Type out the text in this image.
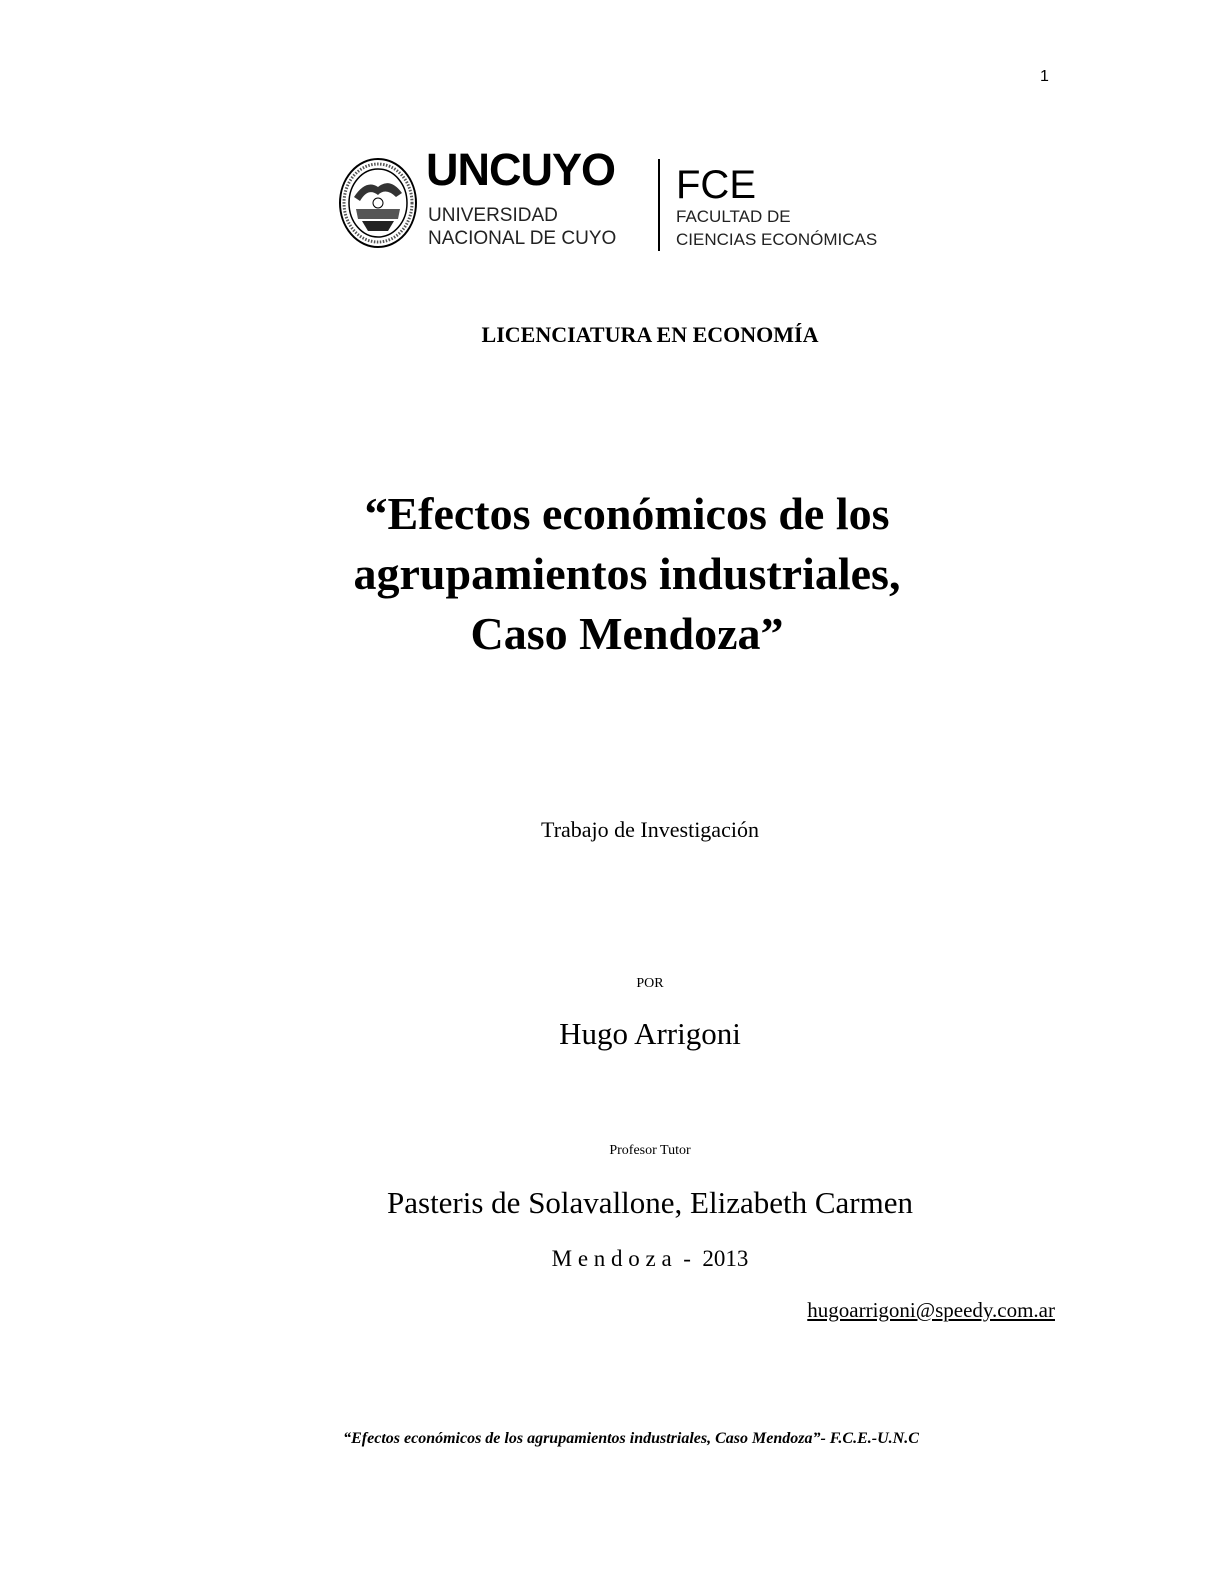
1
UNCUYO
UNIVERSIDAD
NACIONAL DE CUYO
FCE
FACULTAD DE
CIENCIAS ECONÓMICAS
LICENCIATURA EN ECONOMÍA
“Efectos económicos de los
agrupamientos industriales,
Caso Mendoza”
Trabajo de Investigación
POR
Hugo Arrigoni
Profesor Tutor
Pasteris de Solavallone, Elizabeth Carmen
M e n d o z a  -  2013
hugoarrigoni@speedy.com.ar
“Efectos económicos de los agrupamientos industriales, Caso Mendoza”- F.C.E.-U.N.C
